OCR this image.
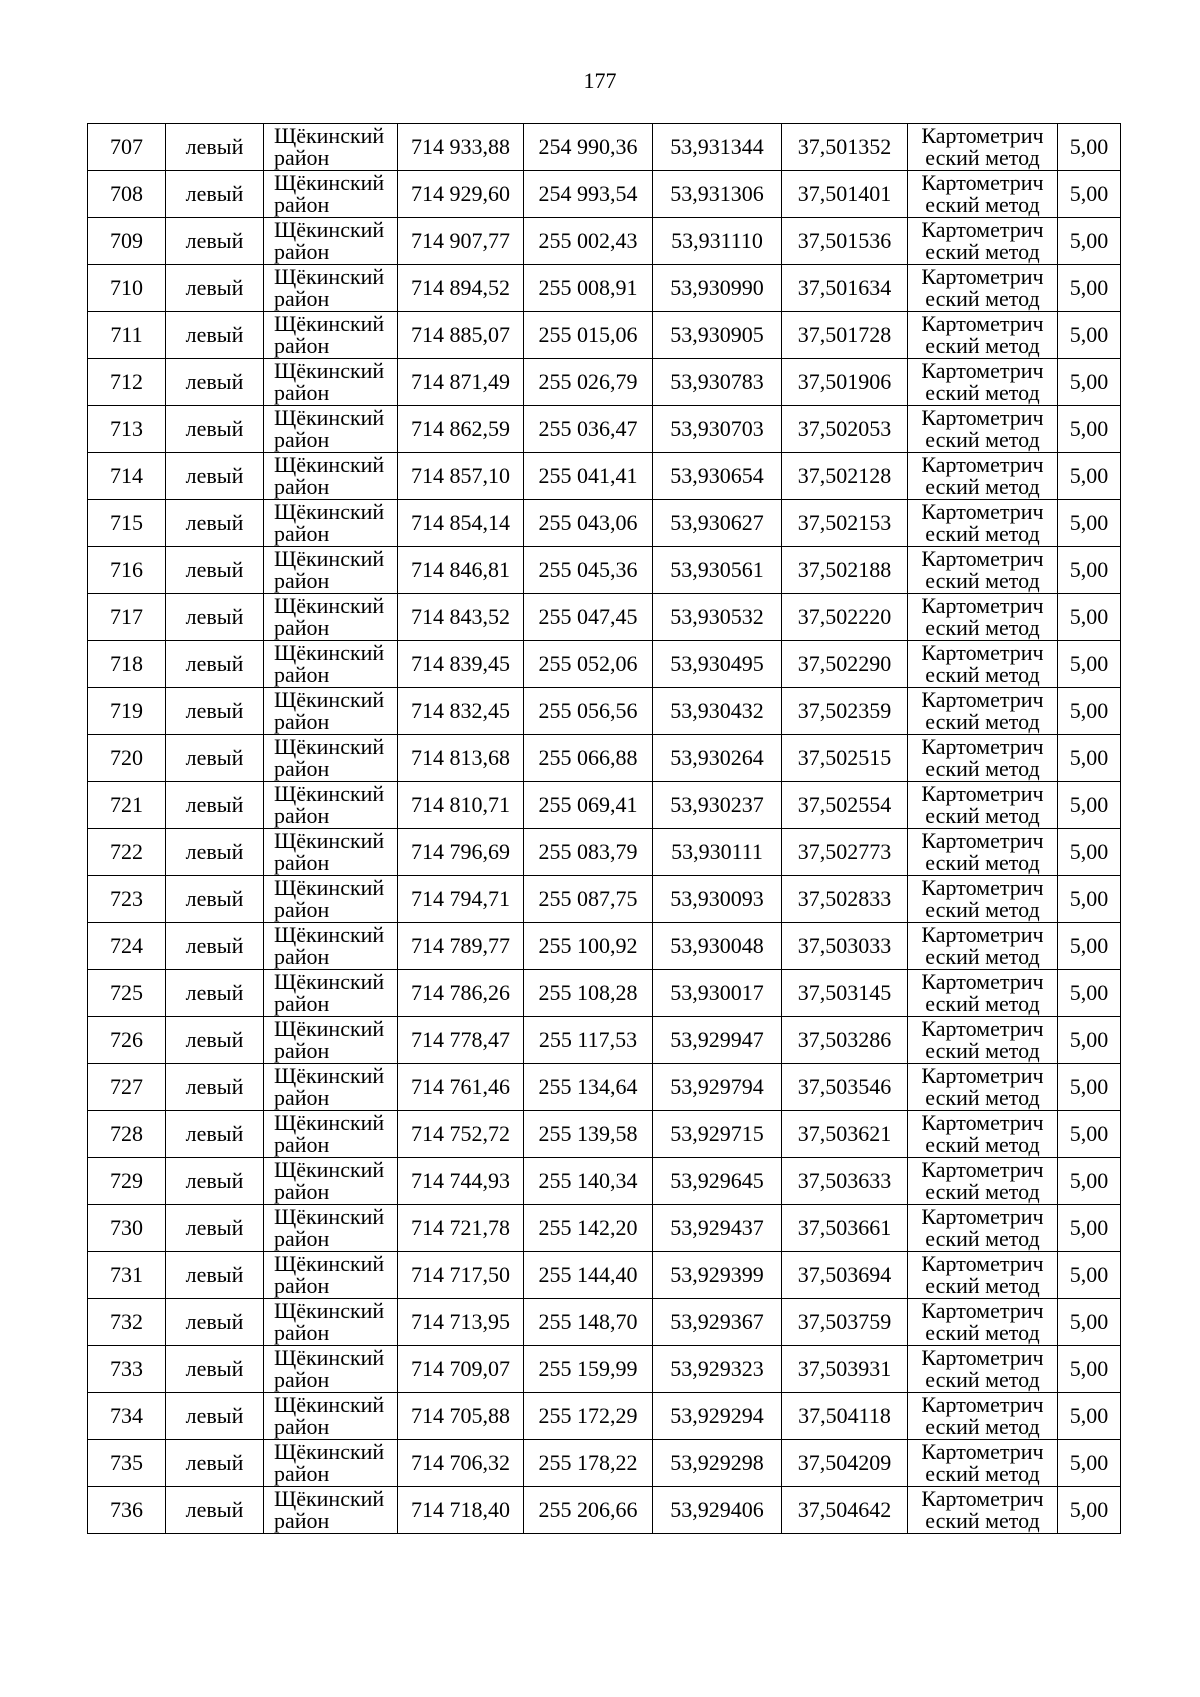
177
707	левый	Щёкинский район	714 933,88	254 990,36	53,931344	37,501352	Картометрич еский метод	5,00
708	левый	Щёкинский район	714 929,60	254 993,54	53,931306	37,501401	Картометрич еский метод	5,00
709	левый	Щёкинский район	714 907,77	255 002,43	53,931110	37,501536	Картометрич еский метод	5,00
710	левый	Щёкинский район	714 894,52	255 008,91	53,930990	37,501634	Картометрич еский метод	5,00
711	левый	Щёкинский район	714 885,07	255 015,06	53,930905	37,501728	Картометрич еский метод	5,00
712	левый	Щёкинский район	714 871,49	255 026,79	53,930783	37,501906	Картометрич еский метод	5,00
713	левый	Щёкинский район	714 862,59	255 036,47	53,930703	37,502053	Картометрич еский метод	5,00
714	левый	Щёкинский район	714 857,10	255 041,41	53,930654	37,502128	Картометрич еский метод	5,00
715	левый	Щёкинский район	714 854,14	255 043,06	53,930627	37,502153	Картометрич еский метод	5,00
716	левый	Щёкинский район	714 846,81	255 045,36	53,930561	37,502188	Картометрич еский метод	5,00
717	левый	Щёкинский район	714 843,52	255 047,45	53,930532	37,502220	Картометрич еский метод	5,00
718	левый	Щёкинский район	714 839,45	255 052,06	53,930495	37,502290	Картометрич еский метод	5,00
719	левый	Щёкинский район	714 832,45	255 056,56	53,930432	37,502359	Картометрич еский метод	5,00
720	левый	Щёкинский район	714 813,68	255 066,88	53,930264	37,502515	Картометрич еский метод	5,00
721	левый	Щёкинский район	714 810,71	255 069,41	53,930237	37,502554	Картометрич еский метод	5,00
722	левый	Щёкинский район	714 796,69	255 083,79	53,930111	37,502773	Картометрич еский метод	5,00
723	левый	Щёкинский район	714 794,71	255 087,75	53,930093	37,502833	Картометрич еский метод	5,00
724	левый	Щёкинский район	714 789,77	255 100,92	53,930048	37,503033	Картометрич еский метод	5,00
725	левый	Щёкинский район	714 786,26	255 108,28	53,930017	37,503145	Картометрич еский метод	5,00
726	левый	Щёкинский район	714 778,47	255 117,53	53,929947	37,503286	Картометрич еский метод	5,00
727	левый	Щёкинский район	714 761,46	255 134,64	53,929794	37,503546	Картометрич еский метод	5,00
728	левый	Щёкинский район	714 752,72	255 139,58	53,929715	37,503621	Картометрич еский метод	5,00
729	левый	Щёкинский район	714 744,93	255 140,34	53,929645	37,503633	Картометрич еский метод	5,00
730	левый	Щёкинский район	714 721,78	255 142,20	53,929437	37,503661	Картометрич еский метод	5,00
731	левый	Щёкинский район	714 717,50	255 144,40	53,929399	37,503694	Картометрич еский метод	5,00
732	левый	Щёкинский район	714 713,95	255 148,70	53,929367	37,503759	Картометрич еский метод	5,00
733	левый	Щёкинский район	714 709,07	255 159,99	53,929323	37,503931	Картометрич еский метод	5,00
734	левый	Щёкинский район	714 705,88	255 172,29	53,929294	37,504118	Картометрич еский метод	5,00
735	левый	Щёкинский район	714 706,32	255 178,22	53,929298	37,504209	Картометрич еский метод	5,00
736	левый	Щёкинский район	714 718,40	255 206,66	53,929406	37,504642	Картометрич еский метод	5,00
